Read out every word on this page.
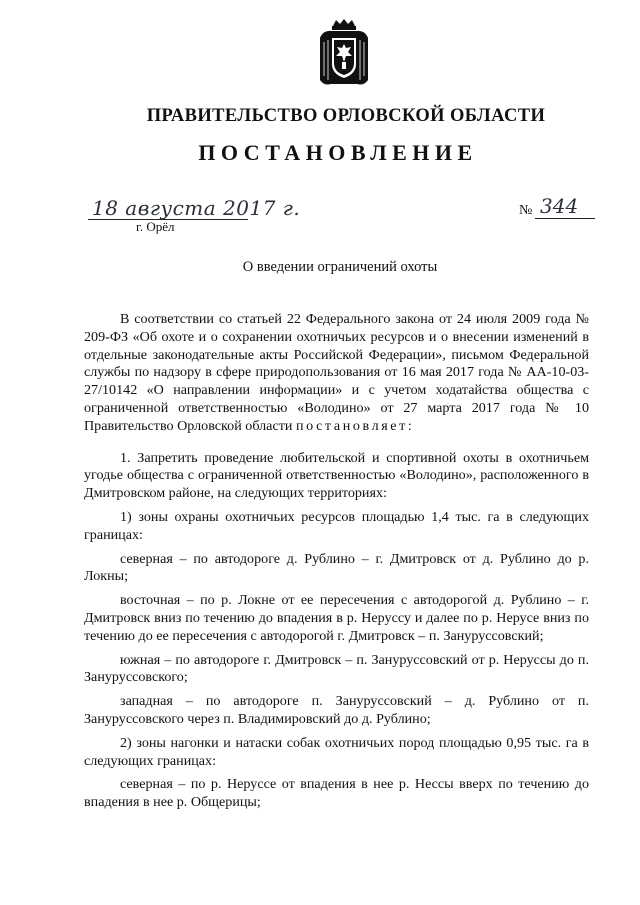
ПРАВИТЕЛЬСТВО ОРЛОВСКОЙ ОБЛАСТИ
ПОСТАНОВЛЕНИЕ
18 августа 2017 г.
г. Орёл
№ 344
О введении ограничений охоты

В соответствии со статьей 22 Федерального закона от 24 июля 2009 года № 209-ФЗ «Об охоте и о сохранении охотничьих ресурсов и о внесении изменений в отдельные законодательные акты Российской Федерации», письмом Федеральной службы по надзору в сфере природопользования от 16 мая 2017 года № АА-10-03-27/10142 «О направлении информации» и с учетом ходатайства общества с ограниченной ответственностью «Володино» от 27 марта 2017 года № 10 Правительство Орловской области постановляет:

1. Запретить проведение любительской и спортивной охоты в охотничьем угодье общества с ограниченной ответственностью «Володино», расположенного в Дмитровском районе, на следующих территориях:

1) зоны охраны охотничьих ресурсов площадью 1,4 тыс. га в следующих границах:

северная – по автодороге д. Рублино – г. Дмитровск от д. Рублино до р. Локны;

восточная – по р. Локне от ее пересечения с автодорогой д. Рублино – г. Дмитровск вниз по течению до впадения в р. Неруссу и далее по р. Нерусе вниз по течению до ее пересечения с автодорогой г. Дмитровск – п. Зануруссовский;

южная – по автодороге г. Дмитровск – п. Зануруссовский от р. Неруссы до п. Зануруссовского;

западная – по автодороге п. Зануруссовский – д. Рублино от п. Зануруссовского через п. Владимировский до д. Рублино;

2) зоны нагонки и натаски собак охотничьих пород площадью 0,95 тыс. га в следующих границах:

северная – по р. Неруссе от впадения в нее р. Нессы вверх по течению до впадения в нее р. Общерицы;
